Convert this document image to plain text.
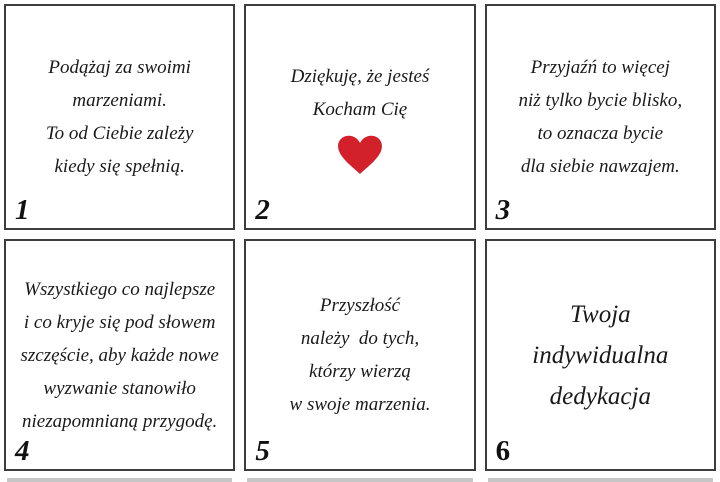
Podążaj za swoimi
marzeniami.
To od Ciebie zależy
kiedy się spełnią.
1
Dziękuję, że jesteś
Kocham Cię
2
Przyjaźń to więcej
niż tylko bycie blisko,
to oznacza bycie
dla siebie nawzajem.
3
Wszystkiego co najlepsze
i co kryje się pod słowem
szczęście, aby każde nowe
wyzwanie stanowiło
niezapomnianą przygodę.
4
Przyszłość
należy  do tych,
którzy wierzą
w swoje marzenia.
5
Twoja
indywidualna
dedykacja
6
